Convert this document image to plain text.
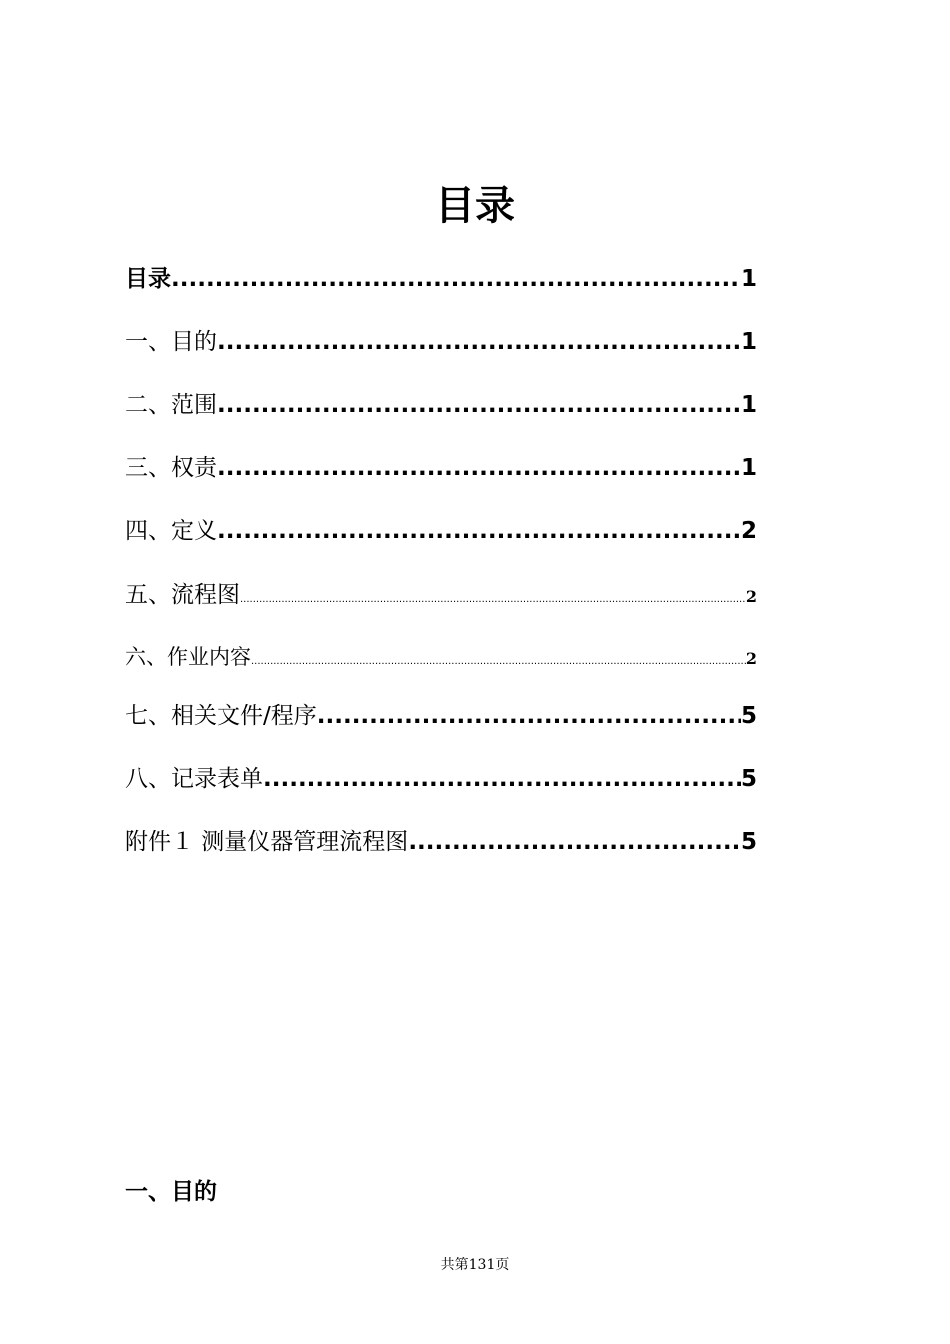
目录
目录 .....	1
一、目的 .....	1
二、范围 .....	1
三、权责 .....	1
四、定义 .....	2
五、流程图 .....	2
六、作业内容 .....	2
七、相关文件/程序 .....	5
八、记录表单 .....	5
附件１ 测量仪器管理流程图 .....	5
一、目的
共第131页
